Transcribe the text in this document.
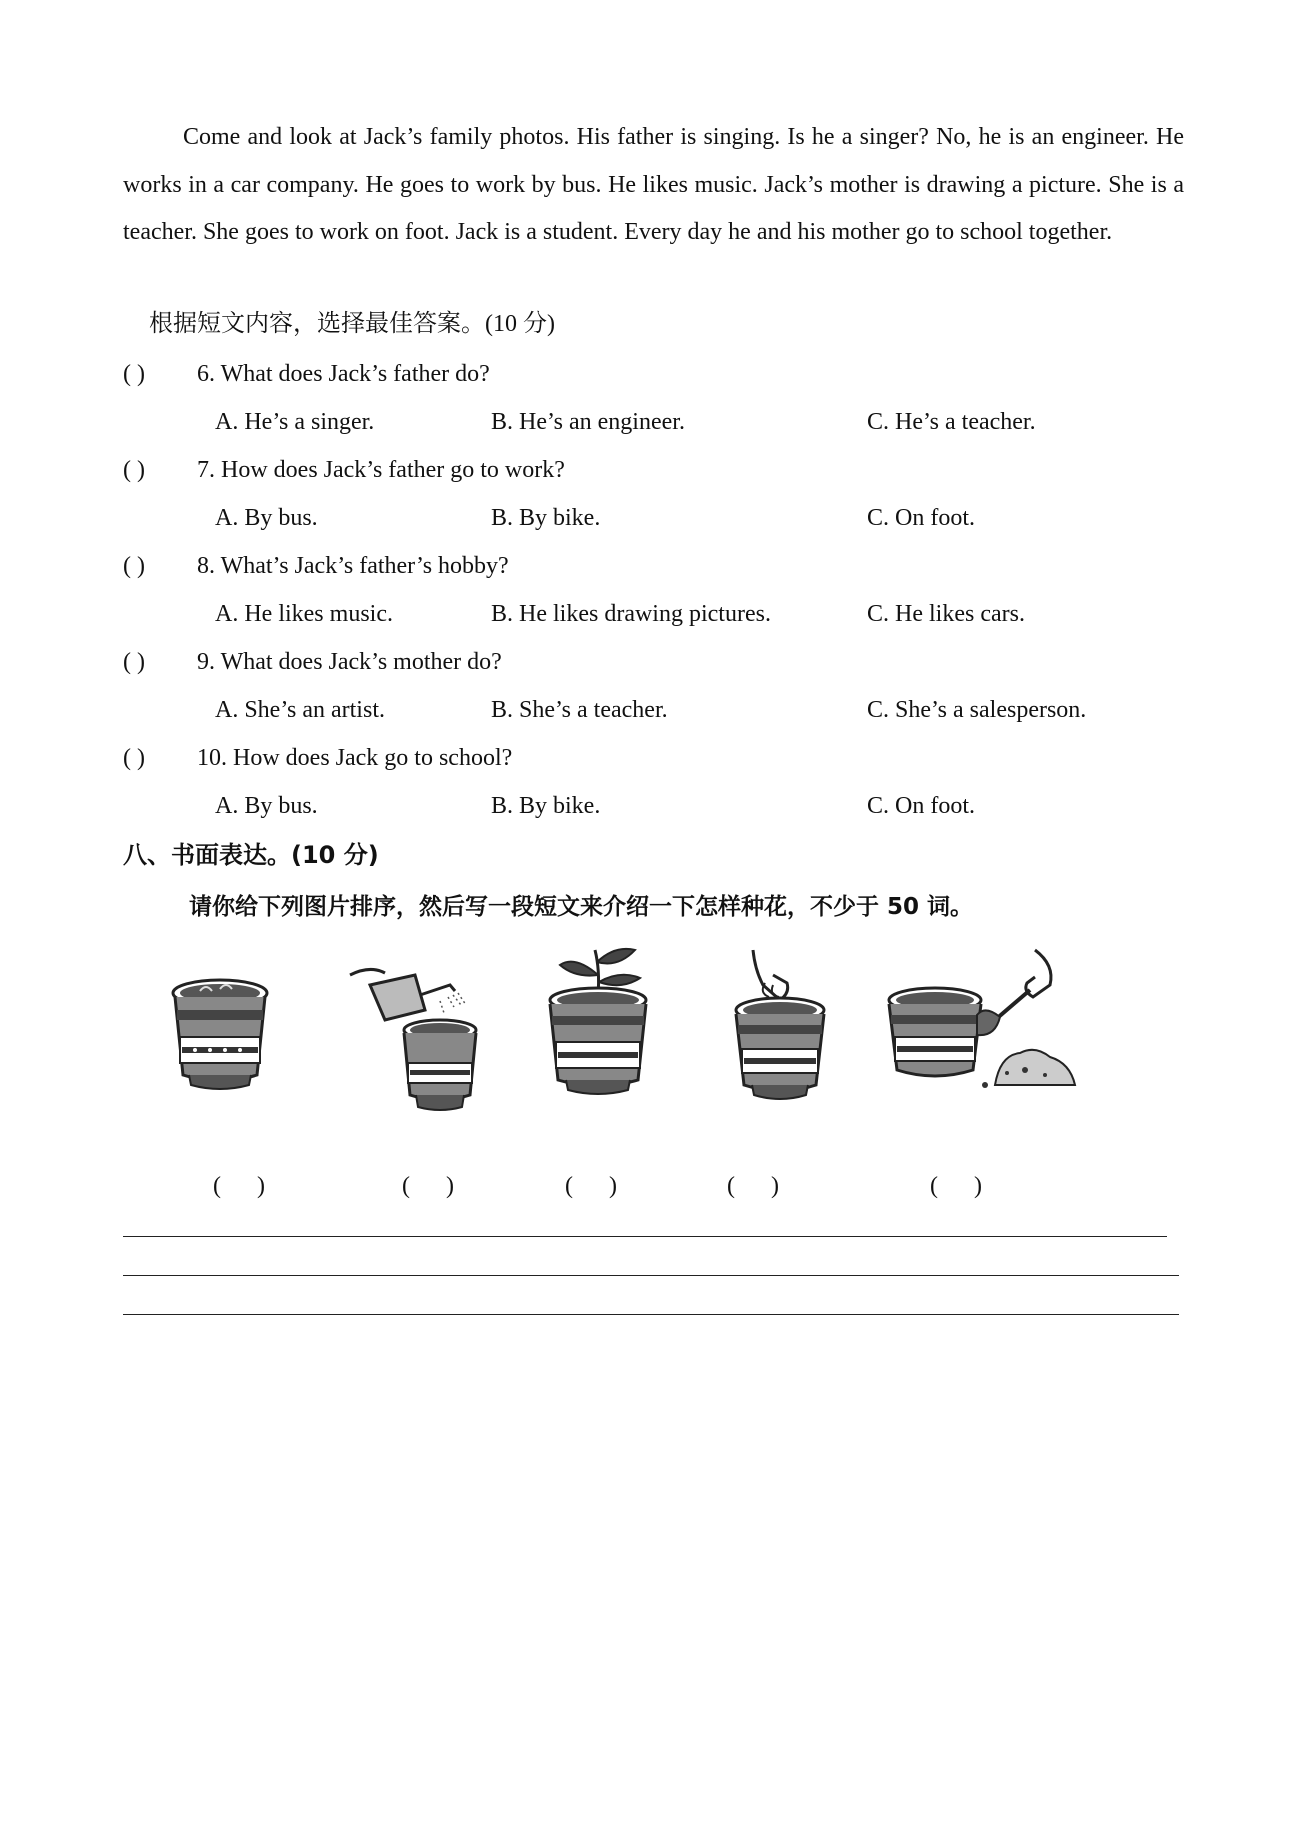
Come and look at Jack’s family photos. His father is singing. Is he a singer? No, he is an engineer. He works in a car company. He goes to work by bus. He likes music. Jack’s mother is drawing a picture. She is a teacher. She goes to work on foot. Jack is a student. Every day he and his mother go to school together.

根据短文内容，选择最佳答案。(10 分)
( ) 6. What does Jack’s father do?
A. He’s a singer.	B. He’s an engineer.	C. He’s a teacher.
( ) 7. How does Jack’s father go to work?
A. By bus.	B. By bike.	C. On foot.
( ) 8. What’s Jack’s father’s hobby?
A. He likes music.	B. He likes drawing pictures.	C. He likes cars.
( ) 9. What does Jack’s mother do?
A. She’s an artist.	B. She’s a teacher.	C. She’s a salesperson.
( ) 10. How does Jack go to school?
A. By bus.	B. By bike.	C. On foot.
八、书面表达。(10 分)
请你给下列图片排序，然后写一段短文来介绍一下怎样种花，不少于 50 词。
(      )	(      )	(      )	(      )	(      )
